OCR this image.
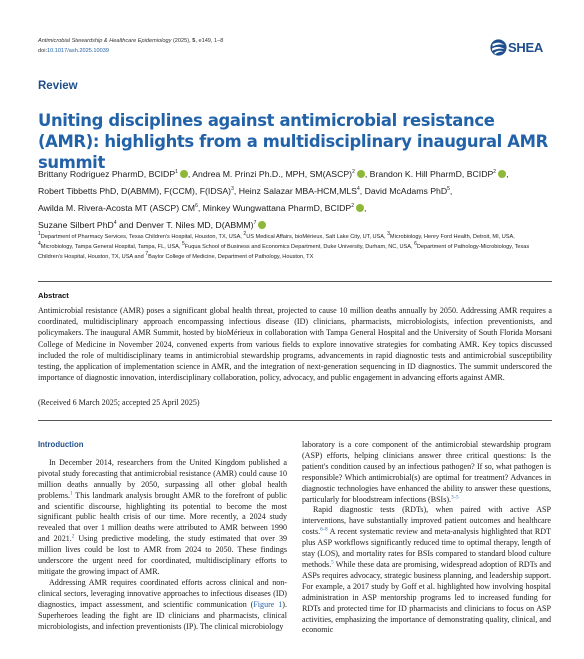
Antimicrobial Stewardship & Healthcare Epidemiology (2025), 5, e149, 1–8
doi:10.1017/ash.2025.10039	SHEA
Review
Uniting disciplines against antimicrobial resistance (AMR): highlights from a multidisciplinary inaugural AMR summit
Brittany Rodriguez PharmD, BCIDP$^1$ iD , Andrea M. Prinzi Ph.D., MPH, SM(ASCP)$^2$ iD , Brandon K. Hill PharmD, BCIDP$^2$ iD ,
Robert Tibbetts PhD, D(ABMM), F(CCM), F(IDSA)$^3$, Heinz Salazar MBA-HCM,MLS$^4$, David McAdams PhD$^5$,
Awilda M. Rivera-Acosta MT (ASCP) $CM^6$, Minkey Wungwattana PharmD, BCIDP$^2$ iD ,
Suzane Silbert PhD$^4$ and Denver T. Niles MD, D(ABMM)$^7$iD
$^1$Department of Pharmacy Services, Texas Children's Hospital, Houston, TX, USA, $^2$US Medical Affairs, bioMérieux, Salt Lake City, UT, USA, $^3$Microbiology, Henry Ford Health, Detroit, MI, USA, $^4$Microbiology, Tampa General Hospital, Tampa, FL, USA, $^5$Fuqua School of Business and Economics Department, Duke University, Durham, NC, USA, $^6$Department of Pathology-Microbiology, Texas Children's Hospital, Houston, TX, USA and $^7$Baylor College of Medicine, Department of Pathology, Houston, TX
Abstract

Antimicrobial resistance (AMR) poses a significant global health threat, projected to cause 10 million deaths annually by 2050. Addressing AMR requires a coordinated, multidisciplinary approach encompassing infectious disease (ID) clinicians, pharmacists, microbiologists, infection preventionists, and policymakers. The inaugural AMR Summit, hosted by bioMérieux in collaboration with Tampa General Hospital and the University of South Florida Morsani College of Medicine in November 2024, convened experts from various fields to explore innovative strategies for combating AMR. Key topics discussed included the role of multidisciplinary teams in antimicrobial stewardship programs, advancements in rapid diagnostic tests and antimicrobial susceptibility testing, the application of implementation science in AMR, and the integration of next-generation sequencing in ID diagnostics. The summit underscored the importance of diagnostic innovation, interdisciplinary collaboration, policy, advocacy, and public engagement in advancing efforts against AMR.

(Received 6 March 2025; accepted 25 April 2025)
Introduction

In December 2014, researchers from the United Kingdom published a pivotal study forecasting that antimicrobial resistance (AMR) could cause 10 million deaths annually by 2050, surpassing all other global health problems.$^1$ This landmark analysis brought AMR to the forefront of public and scientific discourse, highlighting its potential to become the most significant public health crisis of our time. More recently, a 2024 study revealed that over 1 million deaths were attributed to AMR between 1990 and 2021.$^2$ Using predictive modeling, the study estimated that over 39 million lives could be lost to AMR from 2024 to 2050. These findings underscore the urgent need for coordinated, multidisciplinary efforts to mitigate the growing impact of AMR.

Addressing AMR requires coordinated efforts across clinical and non-clinical sectors, leveraging innovative approaches to infectious diseases (ID) diagnostics, impact assessment, and scientific communication (Figure 1). Superheroes leading the fight are ID clinicians and pharmacists, clinical microbiologists, and infection preventionists (IP). The clinical microbiology

laboratory is a core component of the antimicrobial stewardship program (ASP) efforts, helping clinicians answer three critical questions: Is the patient's condition caused by an infectious pathogen? If so, what pathogen is responsible? Which antimicrobial(s) are optimal for treatment? Advances in diagnostic technologies have enhanced the ability to answer these questions, particularly for bloodstream infections (BSIs).$^{3-5}$

Rapid diagnostic tests (RDTs), when paired with active ASP interventions, have substantially improved patient outcomes and healthcare costs.$^{6-8}$ A recent systematic review and meta-analysis highlighted that RDT plus ASP workflows significantly reduced time to optimal therapy, length of stay (LOS), and mortality rates for BSIs compared to standard blood culture methods.$^5$ While these data are promising, widespread adoption of RDTs and ASPs requires advocacy, strategic business planning, and leadership support. For example, a 2017 study by Goff et al. highlighted how involving hospital administration in ASP mentorship programs led to increased funding for RDTs and protected time for ID pharmacists and clinicians to focus on ASP activities, emphasizing the importance of demonstrating quality, clinical, and economic
